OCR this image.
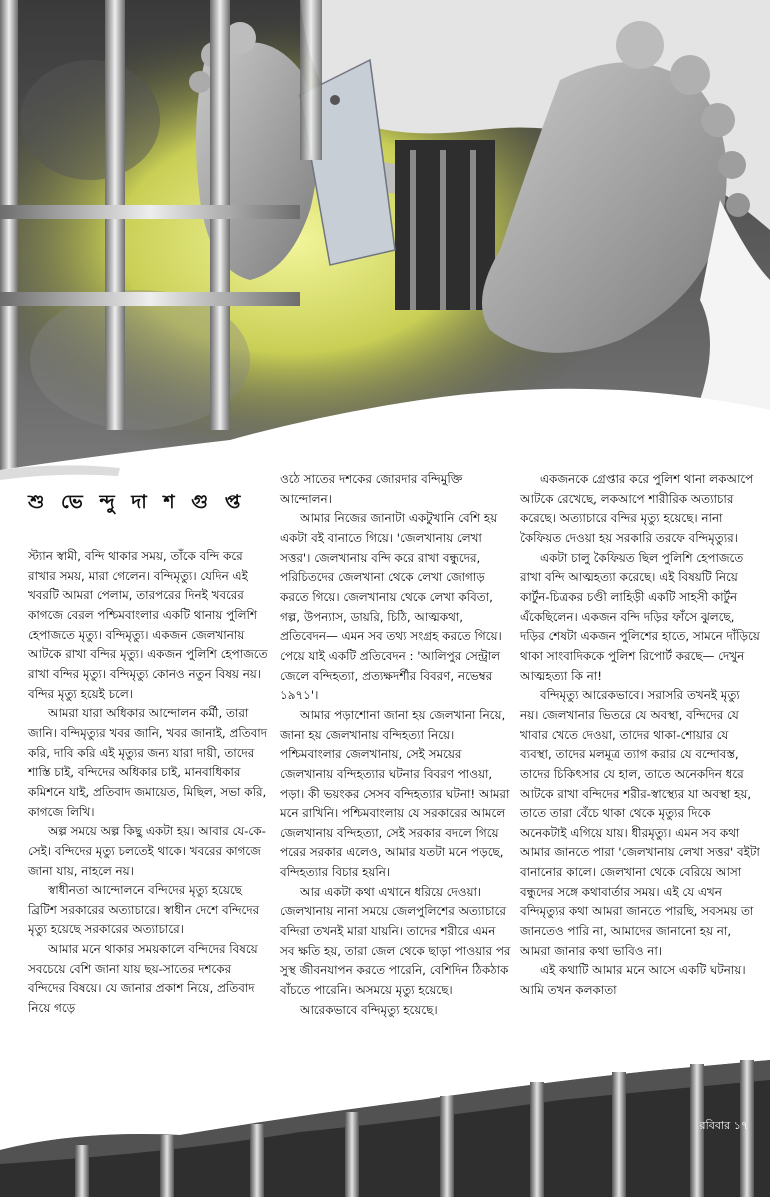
শু ভে ন্দু দা শ গু প্ত

স্ট্যান স্বামী, বন্দি থাকার সময়, তাঁকে বন্দি করে রাখার সময়, মারা গেলেন। বন্দিমৃত্যু। যেদিন এই খবরটি আমরা পেলাম, তারপরের দিনই খবরের কাগজে বেরল পশ্চিমবাংলার একটি থানায় পুলিশি হেপাজতে মৃত্যু। বন্দিমৃত্যু। একজন জেলখানায় আটকে রাখা বন্দির মৃত্যু। একজন পুলিশি হেপাজতে রাখা বন্দির মৃত্যু। বন্দিমৃত্যু কোনও নতুন বিষয় নয়। বন্দির মৃত্যু হয়েই চলে।

আমরা যারা অধিকার আন্দোলন কর্মী, তারা জানি। বন্দিমৃত্যুর খবর জানি, খবর জানাই, প্রতিবাদ করি, দাবি করি এই মৃত্যুর জন্য যারা দায়ী, তাদের শাস্তি চাই, বন্দিদের অধিকার চাই, মানবাধিকার কমিশনে যাই, প্রতিবাদ জমায়েত, মিছিল, সভা করি, কাগজে লিখি।

অল্প সময়ে অল্প কিছু একটা হয়। আবার যে-কে-সেই। বন্দিদের মৃত্যু চলতেই থাকে। খবরের কাগজে জানা যায়, নাহলে নয়।

স্বাধীনতা আন্দোলনে বন্দিদের মৃত্যু হয়েছে ব্রিটিশ সরকারের অত্যাচারে। স্বাধীন দেশে বন্দিদের মৃত্যু হয়েছে সরকারের অত্যাচারে।

আমার মনে থাকার সময়কালে বন্দিদের বিষয়ে সবচেয়ে বেশি জানা যায় ছয়-সাতের দশকের বন্দিদের বিষয়ে। যে জানার প্রকাশ নিয়ে, প্রতিবাদ নিয়ে গড়ে

ওঠে সাতের দশকের জোরদার বন্দিমুক্তি আন্দোলন।

আমার নিজের জানাটা একটুখানি বেশি হয় একটা বই বানাতে গিয়ে। 'জেলখানায় লেখা সত্তর'। জেলখানায় বন্দি করে রাখা বন্ধুদের, পরিচিতদের জেলখানা থেকে লেখা জোগাড় করতে গিয়ে। জেলখানায় থেকে লেখা কবিতা, গল্প, উপন্যাস, ডায়রি, চিঠি, আত্মকথা, প্রতিবেদন— এমন সব তথ্য সংগ্রহ করতে গিয়ে। পেয়ে যাই একটি প্রতিবেদন : 'আলিপুর সেন্ট্রাল জেলে বন্দিহত্যা, প্রত্যক্ষদর্শীর বিবরণ, নভেম্বর ১৯৭১'।

আমার পড়াশোনা জানা হয় জেলখানা নিয়ে, জানা হয় জেলখানায় বন্দিহত্যা নিয়ে। পশ্চিমবাংলার জেলখানায়, সেই সময়ের জেলখানায় বন্দিহত্যার ঘটনার বিবরণ পাওয়া, পড়া। কী ভয়ংকর সেসব বন্দিহত্যার ঘটনা! আমরা মনে রাখিনি। পশ্চিমবাংলায় যে সরকারের আমলে জেলখানায় বন্দিহত্যা, সেই সরকার বদলে গিয়ে পরের সরকার এলেও, আমার যতটা মনে পড়ছে, বন্দিহত্যার বিচার হয়নি।

আর একটা কথা এখানে ধরিয়ে দেওয়া। জেলখানায় নানা সময়ে জেলপুলিশের অত্যাচারে বন্দিরা তখনই মারা যায়নি। তাদের শরীরে এমন সব ক্ষতি হয়, তারা জেল থেকে ছাড়া পাওয়ার পর সুস্থ জীবনযাপন করতে পারেনি, বেশিদিন ঠিকঠাক বাঁচতে পারেনি। অসময়ে মৃত্যু হয়েছে।

আরেকভাবে বন্দিমৃত্যু হয়েছে।

একজনকে গ্রেপ্তার করে পুলিশ থানা লকআপে আটকে রেখেছে, লকআপে শারীরিক অত্যাচার করেছে। অত্যাচারে বন্দির মৃত্যু হয়েছে। নানা কৈফিয়ত দেওয়া হয় সরকারি তরফে বন্দিমৃত্যুর।

একটা চালু কৈফিয়ত ছিল পুলিশি হেপাজতে রাখা বন্দি আত্মহত্যা করেছে। এই বিষয়টি নিয়ে কার্টুন-চিত্রকর চণ্ডী লাহিড়ী একটি সাহসী কার্টুন এঁকেছিলেন। একজন বন্দি দড়ির ফাঁসে ঝুলছে, দড়ির শেষটা একজন পুলিশের হাতে, সামনে দাঁড়িয়ে থাকা সাংবাদিককে পুলিশ রিপোর্ট করছে— দেখুন আত্মহত্যা কি না!

বন্দিমৃত্যু আরেকভাবে। সরাসরি তখনই মৃত্যু নয়। জেলখানার ভিতরে যে অবস্থা, বন্দিদের যে খাবার খেতে দেওয়া, তাদের থাকা-শোয়ার যে ব্যবস্থা, তাদের মলমূত্র ত্যাগ করার যে বন্দোবস্ত, তাদের চিকিৎসার যে হাল, তাতে অনেকদিন ধরে আটকে রাখা বন্দিদের শরীর-স্বাস্থ্যের যা অবস্থা হয়, তাতে তারা বেঁচে থাকা থেকে মৃত্যুর দিকে অনেকটাই এগিয়ে যায়। ধীরমৃত্যু। এমন সব কথা আমার জানতে পারা 'জেলখানায় লেখা সত্তর' বইটা বানানোর কালে। জেলখানা থেকে বেরিয়ে আসা বন্ধুদের সঙ্গে কথাবার্তার সময়। এই যে এখন বন্দিমৃত্যুর কথা আমরা জানতে পারছি, সবসময় তা জানতেও পারি না, আমাদের জানানো হয় না, আমরা জানার কথা ভাবিও না।

এই কথাটি আমার মনে আসে একটি ঘটনায়। আমি তখন কলকাতা

রবিবার ১৭
